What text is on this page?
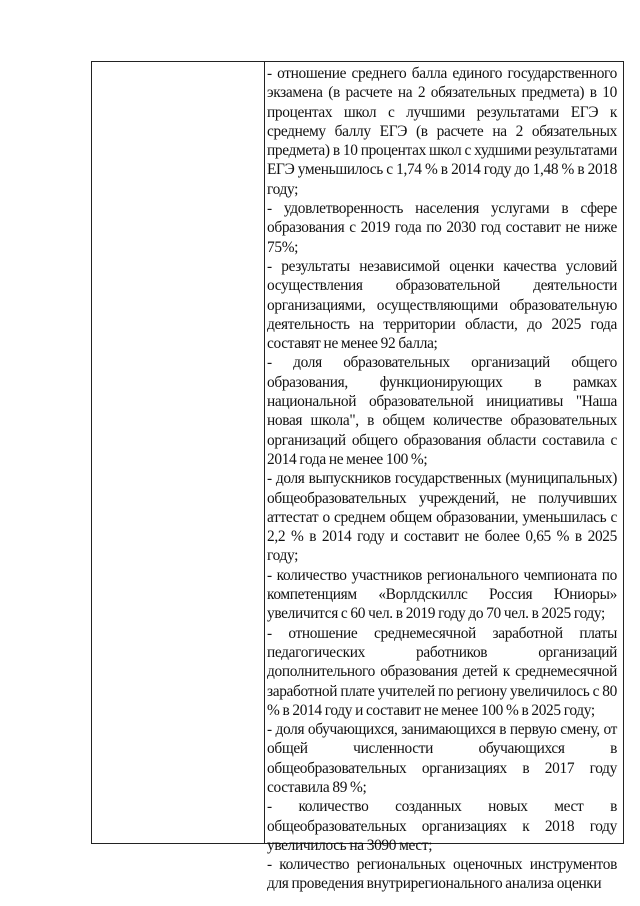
- отношение среднего балла единого государственного экзамена (в расчете на 2 обязательных предмета) в 10 процентах школ с лучшими результатами ЕГЭ к среднему баллу ЕГЭ (в расчете на 2 обязательных предмета) в 10 процентах школ с худшими результатами ЕГЭ уменьшилось с 1,74 % в 2014 году до 1,48 % в 2018 году;

- удовлетворенность населения услугами в сфере образования с 2019 года по 2030 год составит не ниже 75%;

- результаты независимой оценки качества условий осуществления образовательной деятельности организациями, осуществляющими образовательную деятельность на территории области, до 2025 года составят не менее 92 балла;

- доля образовательных организаций общего образования, функционирующих в рамках национальной образовательной инициативы "Наша новая школа", в общем количестве образовательных организаций общего образования области составила с 2014 года не менее 100 %;

- доля выпускников государственных (муниципальных) общеобразовательных учреждений, не получивших аттестат о среднем общем образовании, уменьшилась с 2,2 % в 2014 году и составит не более 0,65 % в 2025 году;

- количество участников регионального чемпионата по компетенциям «Ворлдскиллс Россия Юниоры» увеличится с 60 чел. в 2019 году до 70 чел. в 2025 году;

- отношение среднемесячной заработной платы педагогических работников организаций дополнительного образования детей к среднемесячной заработной плате учителей по региону увеличилось с 80 % в 2014 году и составит не менее 100 % в 2025 году;

- доля обучающихся, занимающихся в первую смену, от общей численности обучающихся в общеобразовательных организациях в 2017 году составила 89 %;

- количество созданных новых мест в общеобразовательных организациях к 2018 году увеличилось на 3090 мест;

- количество региональных оценочных инструментов для проведения внутрирегионального анализа оценки
